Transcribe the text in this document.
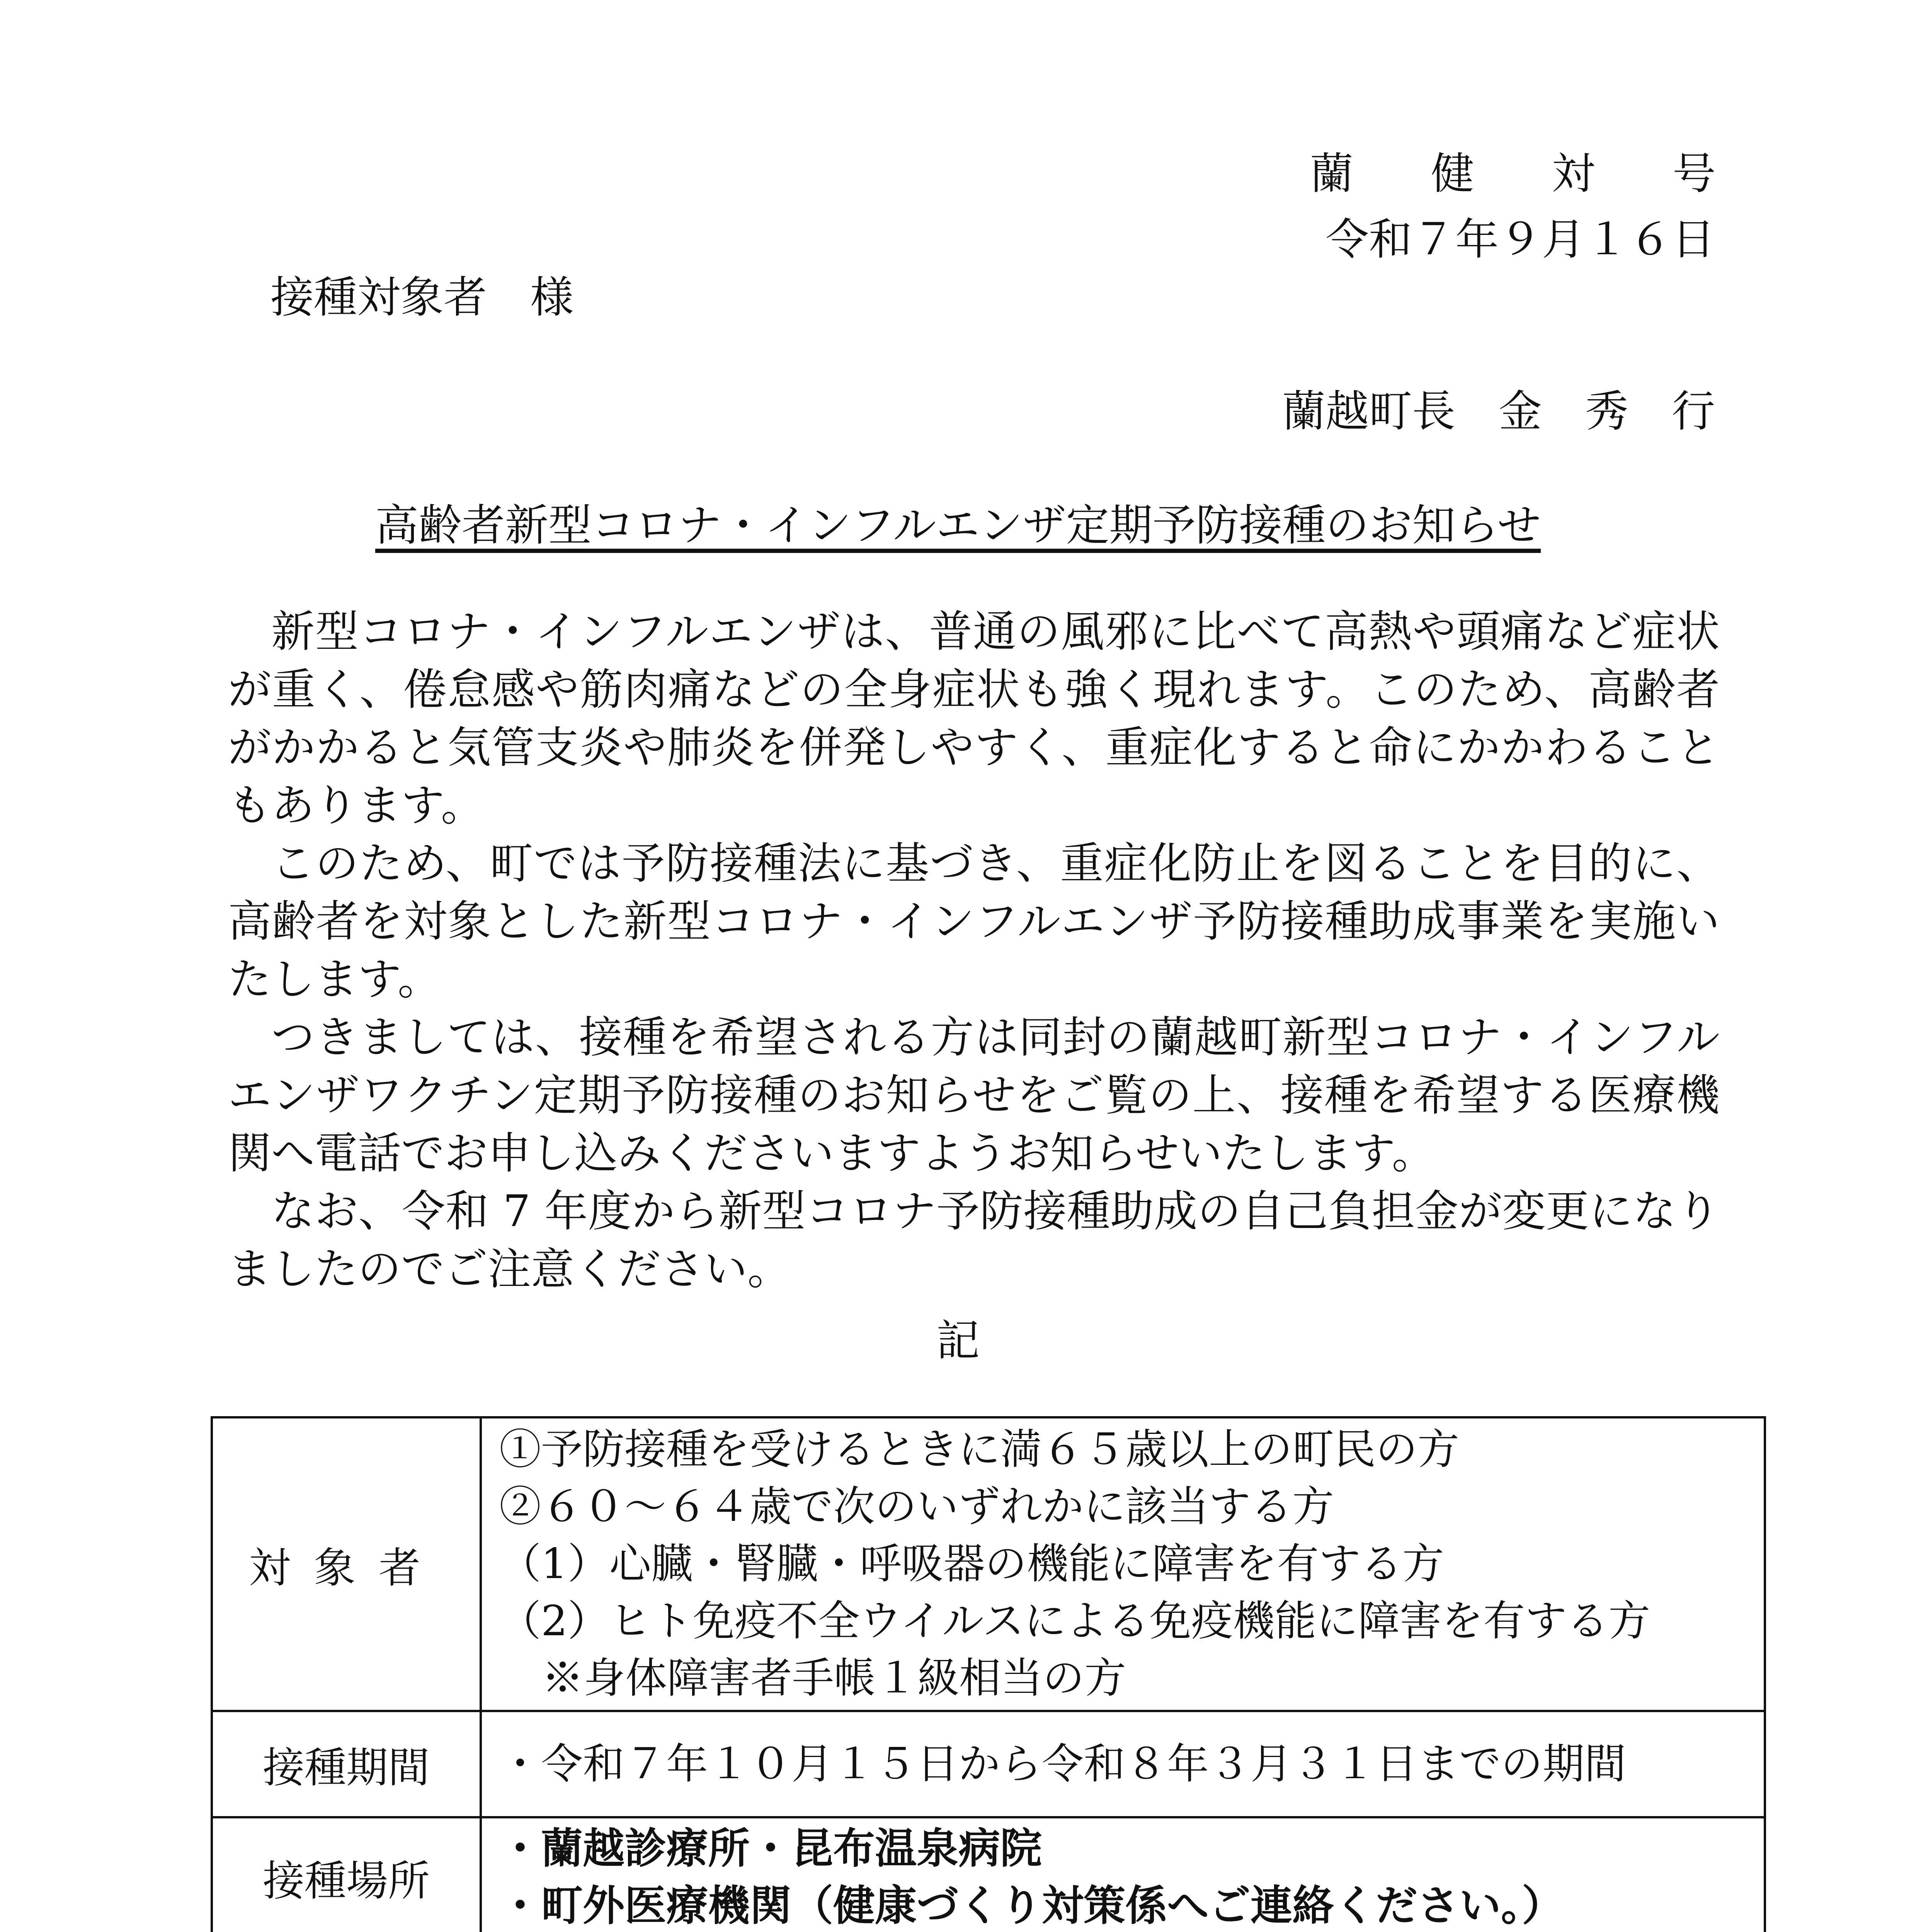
蘭 健 対 号
令和７年９月１６日
接種対象者　様
蘭越町長　金　秀　行
高齢者新型コロナ・インフルエンザ定期予防接種のお知らせ

新型コロナ・インフルエンザは、普通の風邪に比べて高熱や頭痛など症状が重く、倦怠感や筋肉痛などの全身症状も強く現れます。このため、高齢者がかかると気管支炎や肺炎を併発しやすく、重症化すると命にかかわることもあります。

このため、町では予防接種法に基づき、重症化防止を図ることを目的に、高齢者を対象とした新型コロナ・インフルエンザ予防接種助成事業を実施いたします。

つきましては、接種を希望される方は同封の蘭越町新型コロナ・インフルエンザワクチン定期予防接種のお知らせをご覧の上、接種を希望する医療機関へ電話でお申し込みくださいますようお知らせいたします。

なお、令和 7 年度から新型コロナ予防接種助成の自己負担金が変更になりましたのでご注意ください。

記
対象者	①予防接種を受けるときに満６５歳以上の町民の方
②６０～６４歳で次のいずれかに該当する方
（1）心臓・腎臓・呼吸器の機能に障害を有する方
（2）ヒト免疫不全ウイルスによる免疫機能に障害を有する方
※身体障害者手帳１級相当の方	

接種期間	・令和７年１０月１５日から令和８年３月３１日までの期間	

接種場所	・蘭越診療所・昆布温泉病院
・町外医療機関（健康づくり対策係へご連絡ください。）	
